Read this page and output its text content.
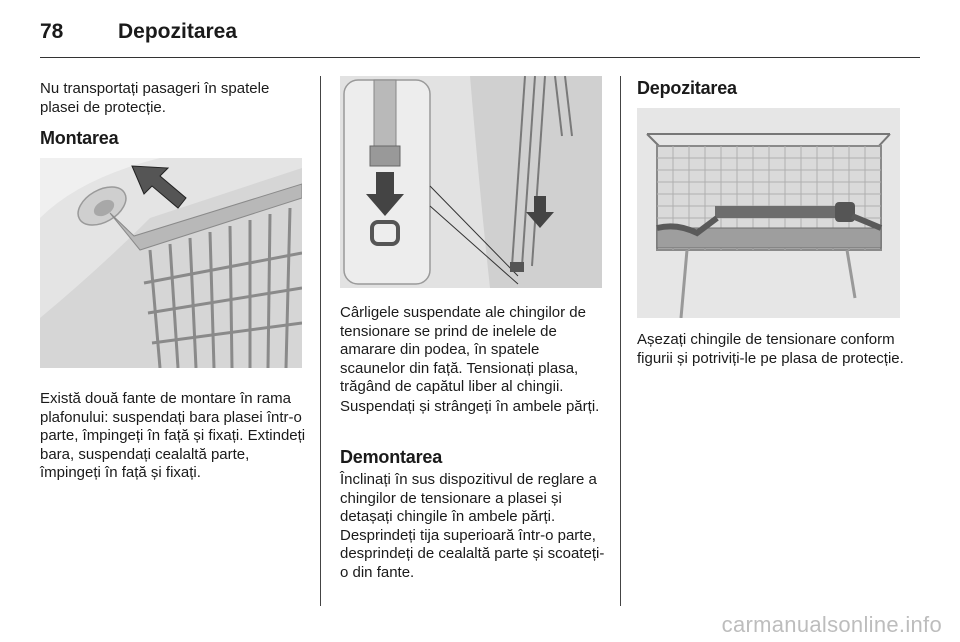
78	Depozitarea

Nu transportați pasageri în spatele plasei de protecție.

Montarea

Există două fante de montare în rama plafonului: suspendați bara plasei într-o parte, împingeți în față și fixați. Extindeți bara, suspendați cealaltă parte, împingeți în față și fixați.

Cârligele suspendate ale chingilor de tensionare se prind de inelele de amarare din podea, în spatele scaunelor din față. Tensionați plasa, trăgând de capătul liber al chingii.

Suspendați și strângeți în ambele părți.

Demontarea

Înclinați în sus dispozitivul de reglare a chingilor de tensionare a plasei și detașați chingile în ambele părți. Desprindeți tija superioară într-o parte, desprindeți de cealaltă parte și scoateți-o din fante.

Depozitarea

Așezați chingile de tensionare conform figurii și potriviți-le pe plasa de protecție.

carmanualsonline.info
